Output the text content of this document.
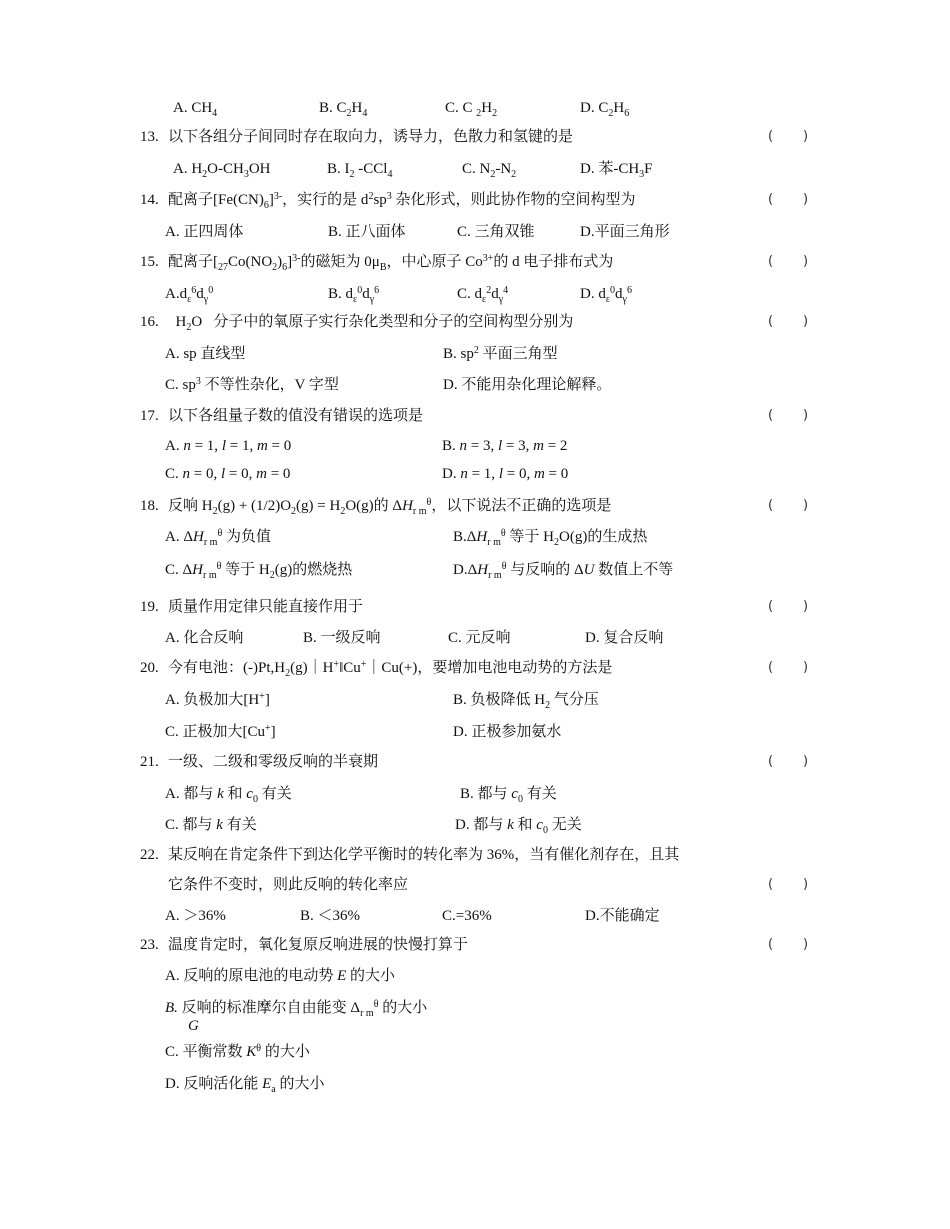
A. $CH_4$	B. $C_2H_4$	C. C $_2H_2$	D. $C_2H_6$
13. 以下各组分子间同时存在取向力，诱导力，色散力和氢键的是	( )
A. $H_2O-CH_3OH$	B. $I_2$ -CCl$_4$	C. $N_2-N_2$	D. 苯$-CH_3F$
14. 配离子$[Fe(CN)_6]^{3-}$，实行的是 $d^2sp^3$ 杂化形式，则此协作物的空间构型为	( )
A. 正四周体	B. 正八面体	C. 三角双锥	D.平面三角形
15. 配离子$[_{27}Co(NO_2)_6]^{3-}$的磁矩为 $0\mu_B$，中心原子 $Co^{3+}$的 d 电子排布式为	( )
$A.d_\varepsilon^6d_\gamma^0$	B. $d_\varepsilon^0d_\gamma^6$	C. $d_\varepsilon^2d_\gamma^4$	D. $d_\varepsilon^0d_\gamma^6$
16. $H_2O$   分子中的氧原子实行杂化类型和分子的空间构型分别为	( )
A. sp 直线型	B. $sp^2$ 平面三角型
C. $sp^3$ 不等性杂化，V 字型	D. 不能用杂化理论解释。
17. 以下各组量子数的值没有错误的选项是	( )
A. n = 1, l = 1, m = 0	B. n = 3, l = 3, m = 2
C. n = 0, l = 0, m = 0	D. n = 1, l = 0, m = 0
18. 反响 $H_2(g) + (1/2)O_2(g) = H_2O(g)$的 $\Delta H_{r m}^\theta$，以下说法不正确的选项是	( )
A. $\Delta H_{r m}^\theta$ 为负值	$B.\Delta H_{r m}^\theta$ 等于 $H_2O(g)$的生成热
C. $\Delta H_{r m}^\theta$ 等于 $H_2(g)$的燃烧热	$D.\Delta H_{r m}^\theta$ 与反响的 ΔU 数值上不等
19. 质量作用定律只能直接作用于	( )
A. 化合反响	B. 一级反响	C. 元反响	D. 复合反响
20. 今有电池：$(-)Pt,H_2(g)|H^+‖Cu^+|Cu(+)$，要增加电池电动势的方法是	( )
A. 负极加大[H+]	B. 负极降低 $H_2$ 气分压
C. 正极加大[Cu+]	D. 正极参加氨水
21. 一级、二级和零级反响的半衰期	( )
A. 都与 k 和 $c_0$ 有关	B. 都与 $c_0$ 有关
C. 都与 k 有关	D. 都与 k 和 $c_0$ 无关
22. 某反响在肯定条件下到达化学平衡时的转化率为 36%，当有催化剂存在，且其
它条件不变时，则此反响的转化率应	( )
A. ＞36%	B. ＜36%	C.=36%	D.不能确定
23. 温度肯定时，氧化复原反响进展的快慢打算于	( )
A. 反响的原电池的电动势 E 的大小
B. 反响的标准摩尔自由能变 $\Delta_{r m}^\theta$ 的大小
G
C. 平衡常数 $K^\theta$ 的大小
D. 反响活化能 $E_a$ 的大小
